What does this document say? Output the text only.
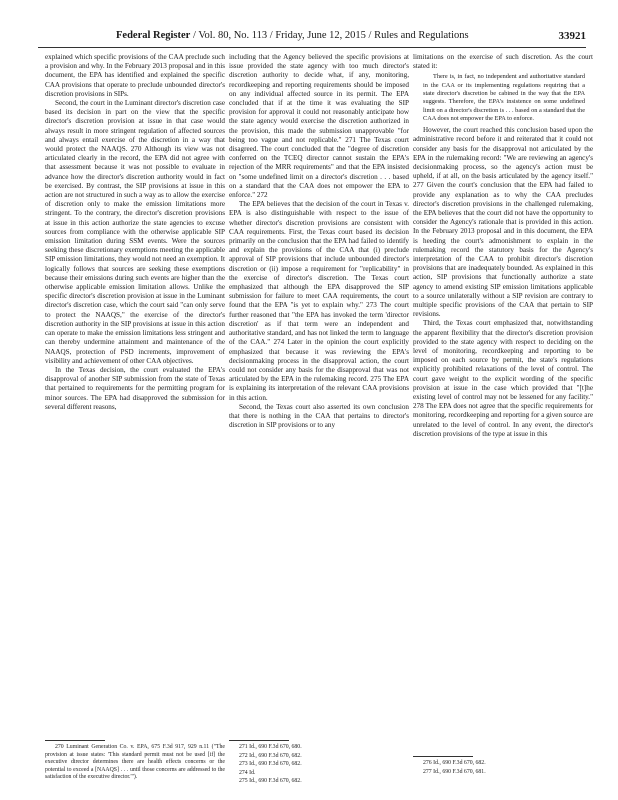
Federal Register / Vol. 80, No. 113 / Friday, June 12, 2015 / Rules and Regulations	33921

explained which specific provisions of the CAA preclude such a provision and why. In the February 2013 proposal and in this document, the EPA has identified and explained the specific CAA provisions that operate to preclude unbounded director's discretion provisions in SIPs.

Second, the court in the Luminant director's discretion case based its decision in part on the view that the specific director's discretion provision at issue in that case would always result in more stringent regulation of affected sources and always entail exercise of the discretion in a way that would protect the NAAQS. 270 Although its view was not articulated clearly in the record, the EPA did not agree with that assessment because it was not possible to evaluate in advance how the director's discretion authority would in fact be exercised. By contrast, the SIP provisions at issue in this action are not structured in such a way as to allow the exercise of discretion only to make the emission limitations more stringent. To the contrary, the director's discretion provisions at issue in this action authorize the state agencies to excuse sources from compliance with the otherwise applicable SIP emission limitation during SSM events. Were the sources seeking these discretionary exemptions meeting the applicable SIP emission limitations, they would not need an exemption. It logically follows that sources are seeking these exemptions because their emissions during such events are higher than the otherwise applicable emission limitation allows. Unlike the specific director's discretion provision at issue in the Luminant director's discretion case, which the court said "can only serve to protect the NAAQS," the exercise of the director's discretion authority in the SIP provisions at issue in this action can operate to make the emission limitations less stringent and can thereby undermine attainment and maintenance of the NAAQS, protection of PSD increments, improvement of visibility and achievement of other CAA objectives.

In the Texas decision, the court evaluated the EPA's disapproval of another SIP submission from the state of Texas that pertained to requirements for the permitting program for minor sources. The EPA had disapproved the submission for several different reasons,

including that the Agency believed the specific provisions at issue provided the state agency with too much director's discretion authority to decide what, if any, monitoring, recordkeeping and reporting requirements should be imposed on any individual affected source in its permit. The EPA concluded that if at the time it was evaluating the SIP provision for approval it could not reasonably anticipate how the state agency would exercise the discretion authorized in the provision, this made the submission unapprovable "for being too vague and not replicable." 271 The Texas court disagreed. The court concluded that the "degree of discretion conferred on the TCEQ director cannot sustain the EPA's rejection of the MRR requirements" and that the EPA insisted on "some undefined limit on a director's discretion . . . based on a standard that the CAA does not empower the EPA to enforce." 272

The EPA believes that the decision of the court in Texas v. EPA is also distinguishable with respect to the issue of whether director's discretion provisions are consistent with CAA requirements. First, the Texas court based its decision primarily on the conclusion that the EPA had failed to identify and explain the provisions of the CAA that (i) preclude approval of SIP provisions that include unbounded director's discretion or (ii) impose a requirement for "replicability" in the exercise of director's discretion. The Texas court emphasized that although the EPA disapproved the SIP submission for failure to meet CAA requirements, the court found that the EPA "is yet to explain why." 273 The court further reasoned that "the EPA has invoked the term 'director discretion' as if that term were an independent and authoritative standard, and has not linked the term to language of the CAA." 274 Later in the opinion the court explicitly emphasized that because it was reviewing the EPA's decisionmaking process in the disapproval action, the court could not consider any basis for the disapproval that was not articulated by the EPA in the rulemaking record. 275 The EPA is explaining its interpretation of the relevant CAA provisions in this action.

Second, the Texas court also asserted its own conclusion that there is nothing in the CAA that pertains to director's discretion in SIP provisions or to any

limitations on the exercise of such discretion. As the court stated it:

There is, in fact, no independent and authoritative standard in the CAA or its implementing regulations requiring that a state director's discretion be cabined in the way that the EPA suggests. Therefore, the EPA's insistence on some undefined limit on a director's discretion is . . . based on a standard that the CAA does not empower the EPA to enforce.

However, the court reached this conclusion based upon the administrative record before it and reiterated that it could not consider any basis for the disapproval not articulated by the EPA in the rulemaking record: "We are reviewing an agency's decisionmaking process, so the agency's action must be upheld, if at all, on the basis articulated by the agency itself." 277 Given the court's conclusion that the EPA had failed to provide any explanation as to why the CAA precludes director's discretion provisions in the challenged rulemaking, the EPA believes that the court did not have the opportunity to consider the Agency's rationale that is provided in this action. In the February 2013 proposal and in this document, the EPA is heeding the court's admonishment to explain in the rulemaking record the statutory basis for the Agency's interpretation of the CAA to prohibit director's discretion provisions that are inadequately bounded. As explained in this action, SIP provisions that functionally authorize a state agency to amend existing SIP emission limitations applicable to a source unilaterally without a SIP revision are contrary to multiple specific provisions of the CAA that pertain to SIP revisions.

Third, the Texas court emphasized that, notwithstanding the apparent flexibility that the director's discretion provision provided to the state agency with respect to deciding on the level of monitoring, recordkeeping and reporting to be imposed on each source by permit, the state's regulations explicitly prohibited relaxations of the level of control. The court gave weight to the explicit wording of the specific provision at issue in the case which provided that "[t]he existing level of control may not be lessened for any facility." 278 The EPA does not agree that the specific requirements for monitoring, recordkeeping and reporting for a given source are unrelated to the level of control. In any event, the director's discretion provisions of the type at issue in this

270 Luminant Generation Co. v. EPA, 675 F.3d 917, 929 n.11 ("The provision at issue states: 'This standard permit must not be used [if] the executive director determines there are health effects concerns or the potential to exceed a [NAAQS] . . . until those concerns are addressed to the satisfaction of the executive director.'").

271 Id., 690 F.3d 670, 680.

272 Id., 690 F.3d 670, 682.

273 Id., 690 F.3d 670, 682.

274 Id.

275 Id., 690 F.3d 670, 682.

276 Id., 690 F.3d 670, 682.

277 Id., 690 F.3d 670, 681.
